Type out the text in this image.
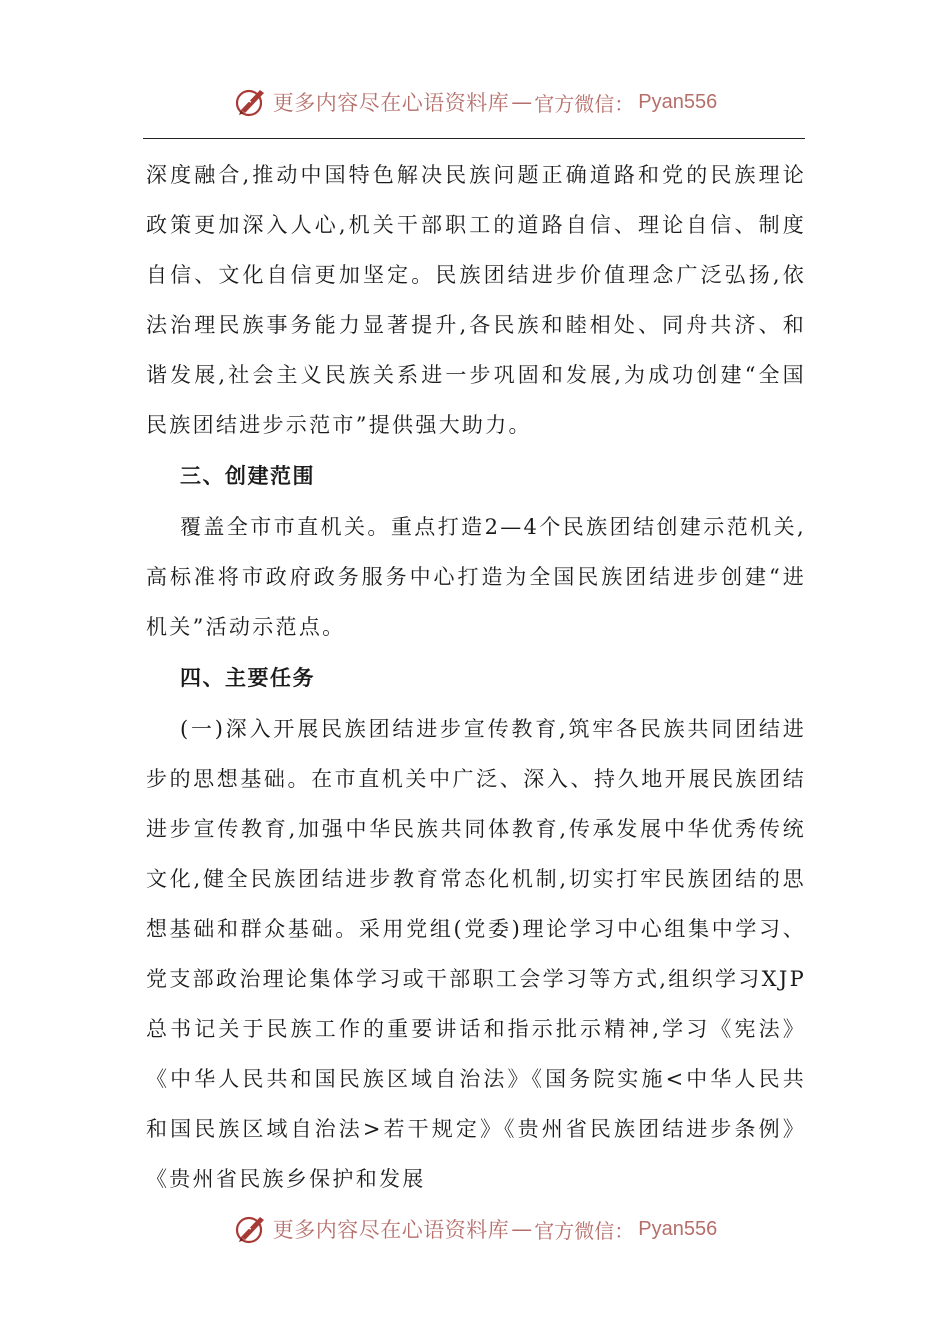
更多内容尽在心语资料库 — 官方微信： Pyan556

深度融合,推动中国特色解决民族问题正确道路和党的民族理论政策更加深入人心,机关干部职工的道路自信、理论自信、制度自信、文化自信更加坚定。民族团结进步价值理念广泛弘扬,依法治理民族事务能力显著提升,各民族和睦相处、同舟共济、和谐发展,社会主义民族关系进一步巩固和发展,为成功创建“全国民族团结进步示范市”提供强大助力。

三、创建范围

覆盖全市市直机关。重点打造2—4个民族团结创建示范机关,高标准将市政府政务服务中心打造为全国民族团结进步创建“进机关”活动示范点。

四、主要任务

(一)深入开展民族团结进步宣传教育,筑牢各民族共同团结进步的思想基础。在市直机关中广泛、深入、持久地开展民族团结进步宣传教育,加强中华民族共同体教育,传承发展中华优秀传统文化,健全民族团结进步教育常态化机制,切实打牢民族团结的思想基础和群众基础。采用党组(党委)理论学习中心组集中学习、党支部政治理论集体学习或干部职工会学习等方式,组织学习XJP总书记关于民族工作的重要讲话和指示批示精神,学习《宪法》《中华人民共和国民族区域自治法》《国务院实施<中华人民共和国民族区域自治法>若干规定》《贵州省民族团结进步条例》《贵州省民族乡保护和发展

更多内容尽在心语资料库 — 官方微信： Pyan556
